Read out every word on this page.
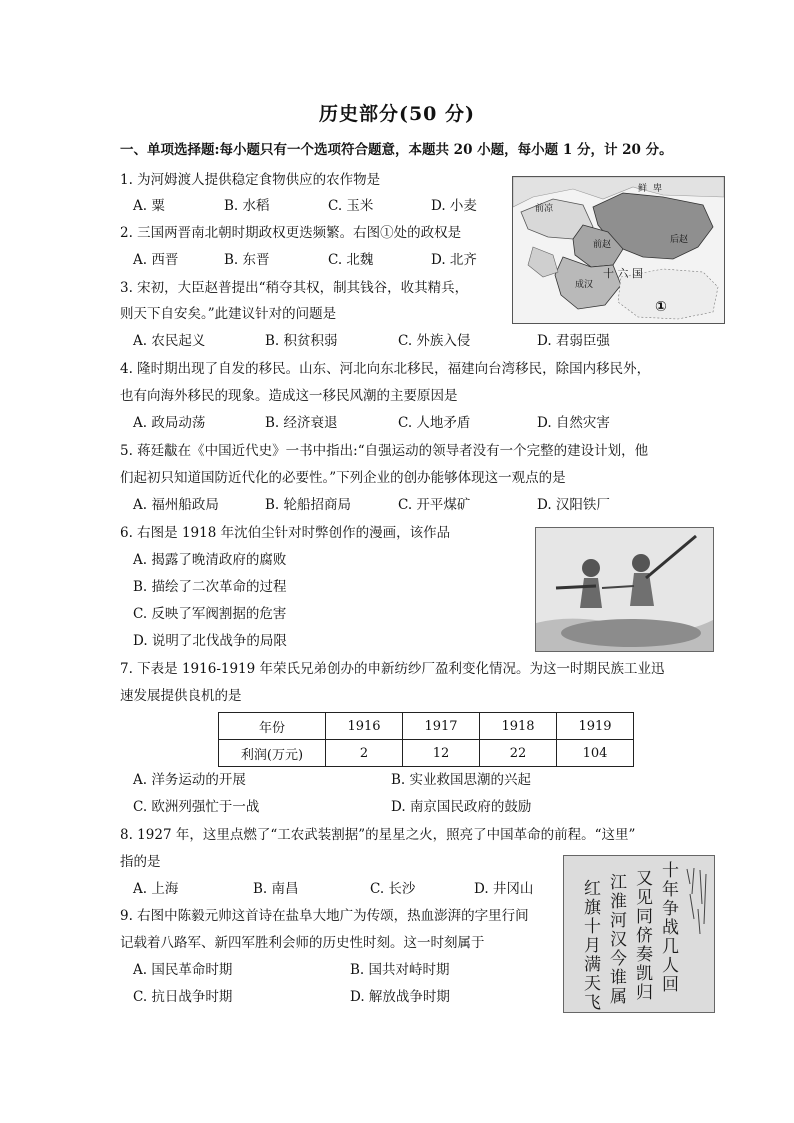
历史部分(50 分)
一、单项选择题:每小题只有一个选项符合题意，本题共 20 小题，每小题 1 分，计 20 分。
1. 为河姆渡人提供稳定食物供应的农作物是
A. 粟	B. 水稻	C. 玉米	D. 小麦
2. 三国两晋南北朝时期政权更迭频繁。右图①处的政权是
A. 西晋	B. 东晋	C. 北魏	D. 北齐
鲜 卑
前凉
前赵	后赵
十 六 国
成汉
①
3. 宋初，大臣赵普提出“稍夺其权，制其钱谷，收其精兵，
则天下自安矣。”此建议针对的问题是
A. 农民起义	B. 积贫积弱	C. 外族入侵	D. 君弱臣强
4. 隆时期出现了自发的移民。山东、河北向东北移民，福建向台湾移民，除国内移民外，
也有向海外移民的现象。造成这一移民风潮的主要原因是
A. 政局动荡	B. 经济衰退	C. 人地矛盾	D. 自然灾害
5. 蒋廷黻在《中国近代史》一书中指出:“自强运动的领导者没有一个完整的建设计划，他
们起初只知道国防近代化的必要性。”下列企业的创办能够体现这一观点的是
A. 福州船政局	B. 轮船招商局	C. 开平煤矿	D. 汉阳铁厂
6. 右图是 1918 年沈伯尘针对时弊创作的漫画，该作品
A. 揭露了晚清政府的腐败
B. 描绘了二次革命的过程
C. 反映了军阀割据的危害
D. 说明了北伐战争的局限
7. 下表是 1916-1919 年荣氏兄弟创办的申新纺纱厂盈利变化情况。为这一时期民族工业迅
速发展提供良机的是
年份	1916	1917	1918	1919
利润(万元)	2	12	22	104
A. 洋务运动的开展	B. 实业救国思潮的兴起
C. 欧洲列强忙于一战	D. 南京国民政府的鼓励
8. 1927 年，这里点燃了“工农武装割据”的星星之火，照亮了中国革命的前程。“这里”
指的是
A. 上海	B. 南昌	C. 长沙	D. 井冈山
十年争战几人回
又见同侪奏凯归
江淮河汉今谁属
红旗十月满天飞
9. 右图中陈毅元帅这首诗在盐阜大地广为传颂，热血澎湃的字里行间
记载着八路军、新四军胜利会师的历史性时刻。这一时刻属于
A. 国民革命时期	B. 国共对峙时期
C. 抗日战争时期	D. 解放战争时期
